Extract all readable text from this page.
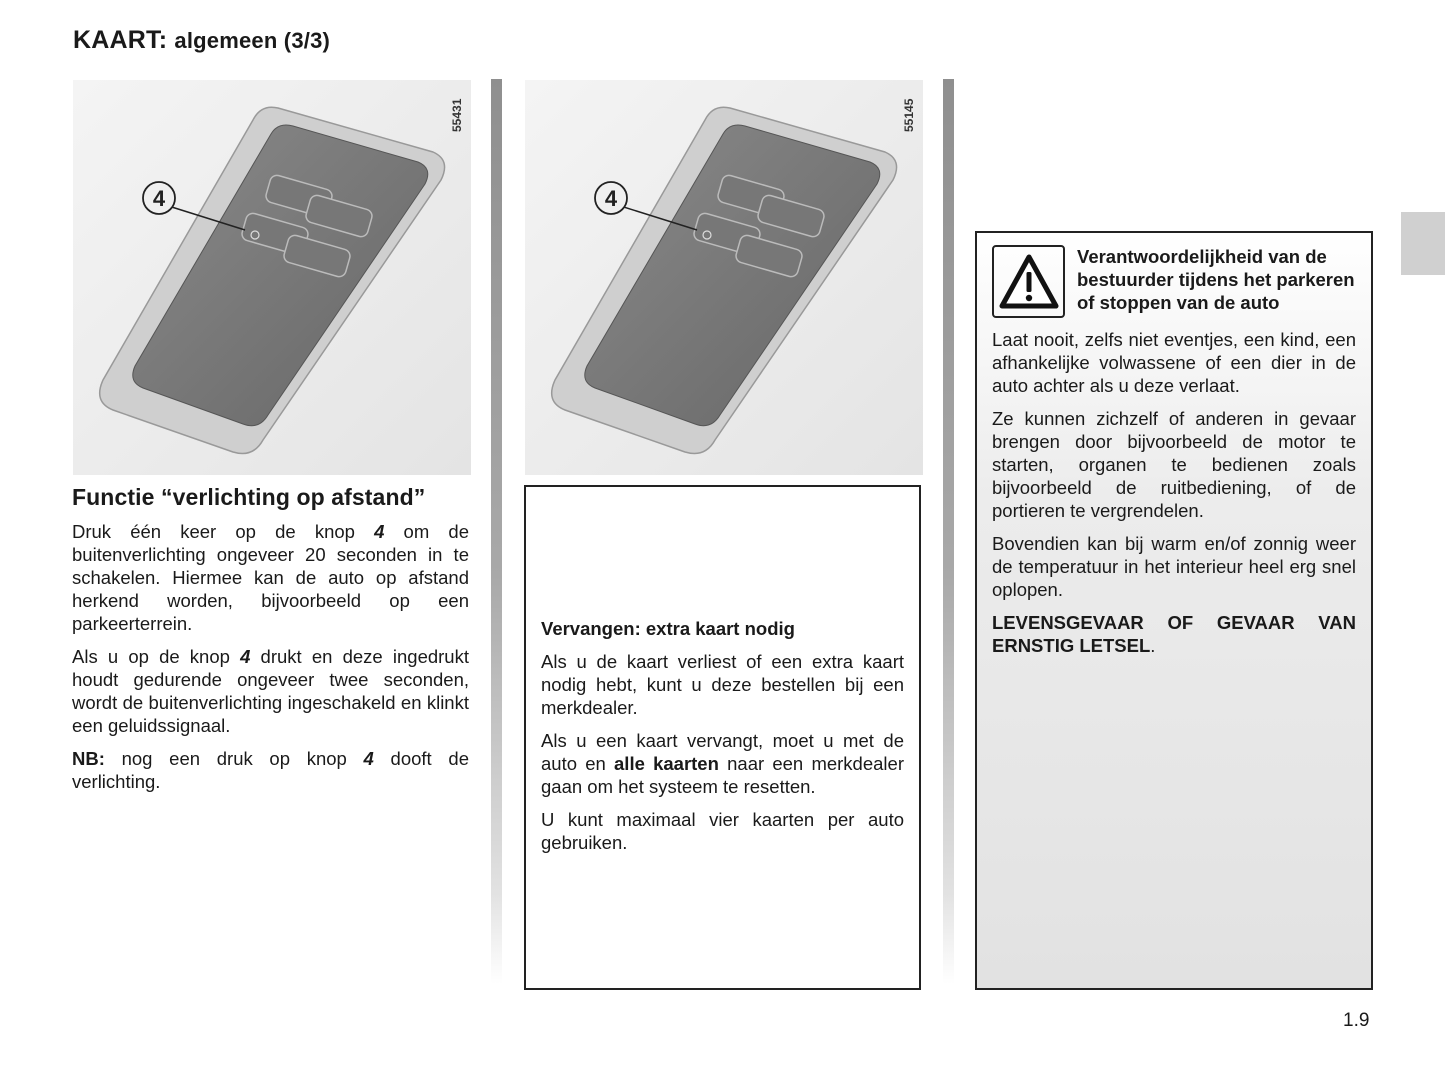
KAART: algemeen (3/3)
4
55431
4
55145
Functie “verlichting op afstand”

Druk één keer op de knop 4 om de buitenverlichting ongeveer 20 seconden in te schakelen. Hiermee kan de auto op afstand herkend worden, bijvoorbeeld op een parkeerterrein.

Als u op de knop 4 drukt en deze ingedrukt houdt gedurende ongeveer twee seconden, wordt de buitenverlichting ingeschakeld en klinkt een geluidssignaal.

NB: nog een druk op knop 4 dooft de verlichting.

Vervangen: extra kaart nodig

Als u de kaart verliest of een extra kaart nodig hebt, kunt u deze bestellen bij een merkdealer.

Als u een kaart vervangt, moet u met de auto en alle kaarten naar een merkdealer gaan om het systeem te resetten.

U kunt maximaal vier kaarten per auto gebruiken.

Verantwoordelijkheid van de bestuurder tijdens het parkeren of stoppen van de auto

Laat nooit, zelfs niet eventjes, een kind, een afhankelijke volwassene of een dier in de auto achter als u deze verlaat.

Ze kunnen zichzelf of anderen in gevaar brengen door bijvoorbeeld de motor te starten, organen te bedienen zoals bijvoorbeeld de ruitbediening, of de portieren te vergrendelen.

Bovendien kan bij warm en/of zonnig weer de temperatuur in het interieur heel erg snel oplopen.

LEVENSGEVAAR OF GEVAAR VAN ERNSTIG LETSEL.

1.9
